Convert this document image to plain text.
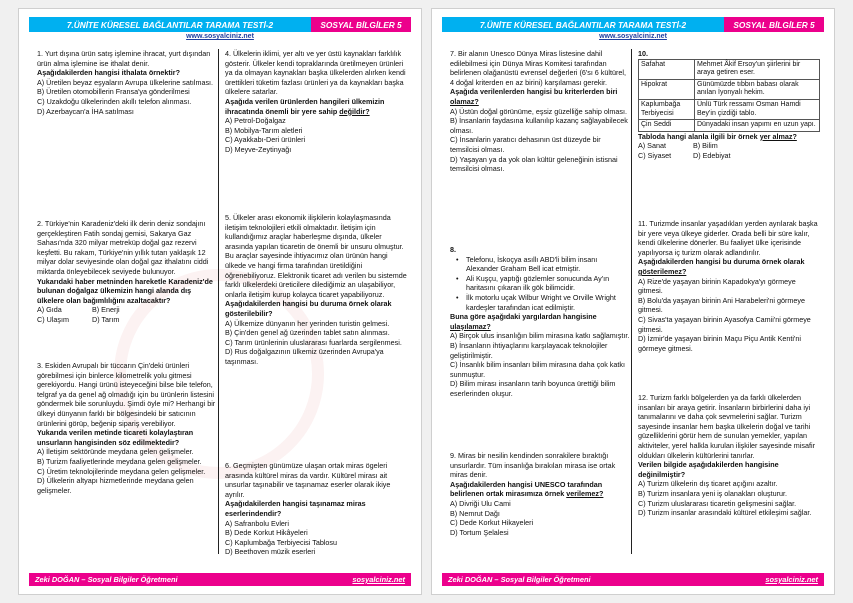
7.ÜNİTE KÜRESEL BAĞLANTILAR TARAMA TESTİ-2	SOSYAL BİLGİLER 5
www.sosyalciniz.net

1. Yurt dışına ürün satış işlemine ihracat, yurt dışından ürün alma işlemine ise ithalat denir.

Aşağıdakilerden hangisi ithalata örnektir?

A) Üretilen beyaz eşyaların Avrupa ülkelerine satılması.

B) Üretilen otomobillerin Fransa'ya gönderilmesi

C) Uzakdoğu ülkelerinden akıllı telefon alınması.

D) Azerbaycan'a İHA satılması

2. Türkiye'nin Karadeniz'deki ilk derin deniz sondajını gerçekleştiren Fatih sondaj gemisi, Sakarya Gaz Sahası'nda 320 milyar metreküp doğal gaz rezervi keşfetti. Bu rakam, Türkiye'nin yıllık tutarı yaklaşık 12 milyar dolar seviyesinde olan doğal gaz ithalatını ciddi miktarda önleyebilecek seviyede bulunuyor.

Yukarıdaki haber metninden hareketle Karadeniz'de bulunan doğalgaz ülkemizin hangi alanda dış ülkelere olan bağımlılığını azaltacaktır?

A) Gıda	B) Enerji

C) Ulaşım	D) Tarım

3. Eskiden Avrupalı bir tüccarın Çin'deki ürünleri görebilmesi için binlerce kilometrelik yolu gitmesi gerekiyordu. Hangi ürünü isteyeceğini bilse bile telefon, telgraf ya da genel ağ olmadığı için bu ürünlerin listesini göndermek bile sorunluydu. Şimdi öyle mi? Herhangi bir ülkeyi dünyanın farklı bir bölgesindeki bir satıcının ürünlerini görüp, beğenip sipariş verebiliyor.

Yukarıda verilen metinde ticareti kolaylaştıran unsurların hangisinden söz edilmektedir?

A) İletişim sektöründe meydana gelen gelişmeler.

B) Turizm faaliyetlerinde meydana gelen gelişmeler.

C) Üretim teknolojilerinde meydana gelen gelişmeler.

D) Ülkelerin altyapı hizmetlerinde meydana gelen gelişmeler.

4. Ülkelerin iklimi, yer altı ve yer üstü kaynakları farklılık gösterir. Ülkeler kendi topraklarında üretilmeyen ürünleri ya da olmayan kaynakları başka ülkelerden alırken kendi ürettikleri tüketim fazlası ürünleri ya da kaynakları başka ülkelere satarlar.

Aşağıda verilen ürünlerden hangileri ülkemizin ihracatında önemli bir yere sahip değildir?

A) Petrol-Doğalgaz

B) Mobilya-Tarım aletleri

C) Ayakkabı-Deri ürünleri

D) Meyve-Zeytinyağı

5. Ülkeler arası ekonomik ilişkilerin kolaylaşmasında iletişim teknolojileri etkili olmaktadır. İletişim için kullandığımız araçlar haberleşme dışında, ülkeler arasında yapılan ticaretin de önemli bir unsuru olmuştur. Bu araçlar sayesinde ihtiyacımız olan ürünün hangi ülkede ve hangi firma tarafından üretildiğini öğrenebiliyoruz. Elektronik ticaret adı verilen bu sistemde farklı ülkelerdeki üreticilere dilediğimiz an ulaşabiliyor, onlarla iletişim kurup kolayca ticaret yapabiliyoruz.

Aşağıdakilerden hangisi bu duruma örnek olarak gösterilebilir?

A) Ülkemize dünyanın her yerinden turistin gelmesi.

B) Çin'den genel ağ üzerinden tablet satın alınması.

C) Tarım ürünlerinin uluslararası fuarlarda sergilenmesi.

D) Rus doğalgazının ülkemiz üzerinden Avrupa'ya taşınması.

6. Geçmişten günümüze ulaşan ortak miras ögeleri arasında kültürel miras da vardır. Kültürel mirası ait unsurlar taşınabilir ve taşınamaz eserler olarak ikiye ayrılır.

Aşağıdakilerden hangisi taşınamaz miras eserlerindendir?

A) Safranbolu Evleri

B) Dede Korkut Hikâyeleri

C) Kaplumbağa Terbiyecisi Tablosu

D) Beethoven müzik eserleri

Zeki DOĞAN – Sosyal Bilgiler Öğretmeni	sosyalciniz.net
7.ÜNİTE KÜRESEL BAĞLANTILAR TARAMA TESTİ-2	SOSYAL BİLGİLER 5
www.sosyalciniz.net

7. Bir alanın Unesco Dünya Miras listesine dahil edilebilmesi için Dünya Miras Komitesi tarafından belirlenen olağanüstü evrensel değerleri (6'sı 6 kültürel, 4 doğal kriterden en az birini) karşılaması gerekir.

Aşağıda verilenlerden hangisi bu kriterlerden biri olamaz?

A) Üstün doğal görünüme, eşsiz güzelliğe sahip olması.

B) İnsanlarin faydasına kullanılıp kazanç sağlayabilecek olması.

C) İnsanlarin yaratıcı dehasının üst düzeyde bir temsilcisi olması.

D) Yaşayan ya da yok olan kültür geleneğinin istisnai temsilcisi olması.

8.

• Telefonu, İskoçya asıllı ABD'li bilim insanı Alexander Graham Bell icat etmiştir.
• Ali Kuşçu, yaptığı gözlemler sonucunda Ay'ın haritasını çıkaran ilk gök bilimcidir.
• İlk motorlu uçak Wilbur Wright ve Orville Wright kardeşler tarafından icat edilmiştir.

Buna göre aşağıdaki yargılardan hangisine ulaşılamaz?

A) Birçok ulus insanlığın bilim mirasına katkı sağlamıştır.

B) İnsanların ihtiyaçlarını karşılayacak teknolojiler geliştirilmiştir.

C) İnsanlık bilim insanları bilim mirasına daha çok katkı sunmuştur.

D) Bilim mirası insanların tarih boyunca ürettiği bilim eserlerinden oluşur.

9. Miras bir nesilin kendinden sonrakilere bıraktığı unsurlardır. Tüm insanlığa bırakılan mirasa ise ortak miras denir.

Aşağıdakilerden hangisi UNESCO tarafından belirlenen ortak mirasımıza örnek verilemez?

A) Divriği Ulu Cami

B) Nemrut Dağı

C) Dede Korkut Hikayeleri

D) Tortum Şelalesi

10.

Safahat	Mehmet Âkif Ersoy'un şiirlerini bir araya getiren eser.
Hipokrat	Günümüzde tıbbın babası olarak anılan İyonyalı hekim.
Kaplumbağa Terbiyecisi	Ünlü Türk ressamı Osman Hamdi Bey'in çizdiği tablo.
Çin Seddi	Dünyadaki insan yapımı en uzun yapı.

Tabloda hangi alanla ilgili bir örnek yer almaz?

A) Sanat	B) Bilim

C) Siyaset	D) Edebiyat

11. Turizmde insanlar yaşadıkları yerden ayrılarak başka bir yere veya ülkeye giderler. Orada belli bir süre kalır, kendi ülkelerine dönerler. Bu faaliyet ülke içerisinde yapılıyorsa iç turizm olarak adlandırılır.

Aşağıdakilerden hangisi bu duruma örnek olarak gösterilemez?

A) Rize'de yaşayan birinin Kapadokya'yı görmeye gitmesi.

B) Bolu'da yaşayan birinin Ani Harabeleri'ni görmeye gitmesi.

C) Sivas'ta yaşayan birinin Ayasofya Camii'ni görmeye gitmesi.

D) İzmir'de yaşayan birinin Maçu Piçu Antik Kenti'ni görmeye gitmesi.

12. Turizm farklı bölgelerden ya da farklı ülkelerden insanları bir araya getirir. İnsanların birbirlerini daha iyi tanımalarını ve daha çok sevmelerini sağlar. Turizm sayesinde insanlar hem başka ülkelerin doğal ve tarihi güzelliklerini görür hem de sunulan yemekler, yapılan aktiviteler, yerel halkla kurulan ilişkiler sayesinde misafir oldukları ülkelerin kültürlerini tanırlar.

Verilen bilgide aşağıdakilerden hangisine değinilmiştir?

A) Turizm ülkelerin dış ticaret açığını azaltır.

B) Turizm insanlara yeni iş olanakları oluşturur.

C) Turizm uluslararası ticaretin gelişmesini sağlar.

D) Turizm insanlar arasındaki kültürel etkileşimi sağlar.

Zeki DOĞAN – Sosyal Bilgiler Öğretmeni	sosyalciniz.net
